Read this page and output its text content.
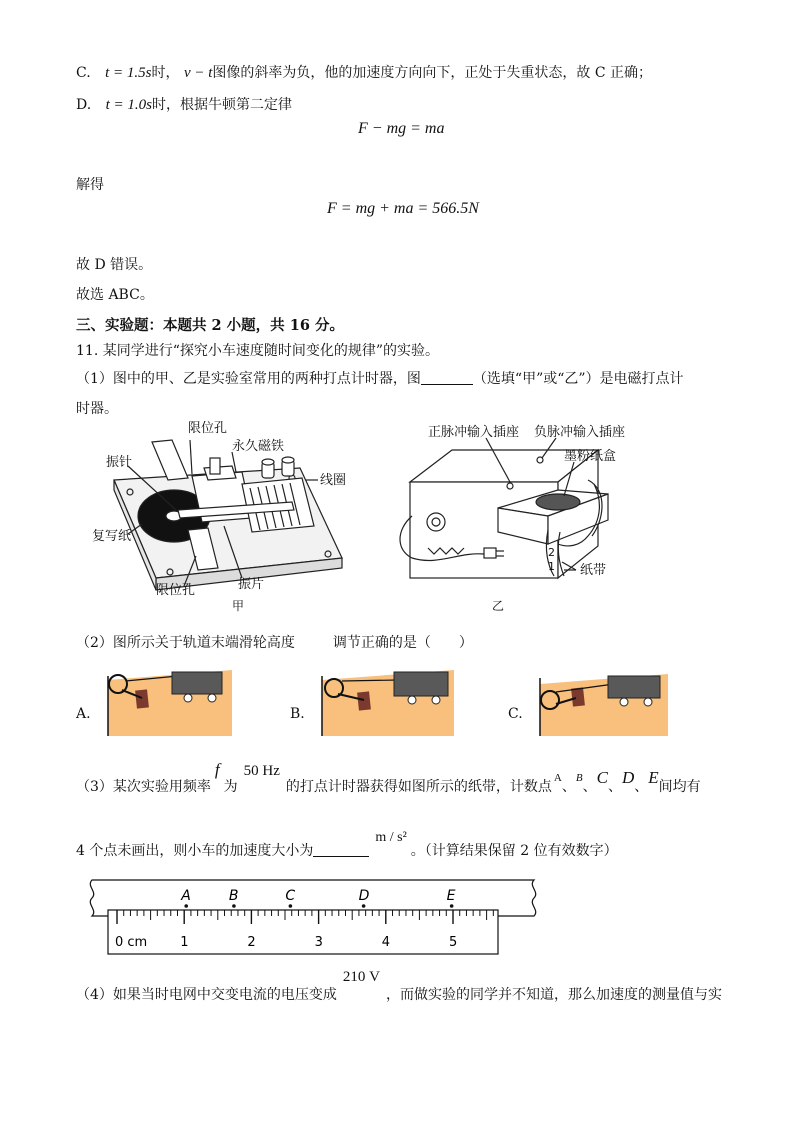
C. t = 1.5s时， v − t图像的斜率为负，他的加速度方向向下，正处于失重状态，故 C 正确；
D. t = 1.0s时，根据牛顿第二定律
F − mg = ma
解得
F = mg + ma = 566.5N
故 D 错误。
故选 ABC。
三、实验题：本题共 2 小题，共 16 分。
11. 某同学进行“探究小车速度随时间变化的规律”的实验。
（1）图中的甲、乙是实验室常用的两种打点计时器，图	（选填“甲”或“乙”）是电磁打点计
时器。
限位孔
永久磁铁
振针
线圈
复写纸
振片
限位孔
甲
正脉冲输入插座 负脉冲输入插座
墨粉纸盒
纸带
2
1
乙
（2）图所示关于轨道末端滑轮高度	调节正确的是（　　）
A.	B.	C.
（3）某次实验用频率f为50 Hz的打点计时器获得如图所示的纸带，计数点$_A$、$_B$、C、D、E间均有
4 个点未画出，则小车的加速度大小为m / s²。（计算结果保留 2 位有效数字）
A	B	C	D	E
0 cm	1	2	3	4	5
（4）如果当时电网中交变电流的电压变成210 V，而做实验的同学并不知道，那么加速度的测量值与实
